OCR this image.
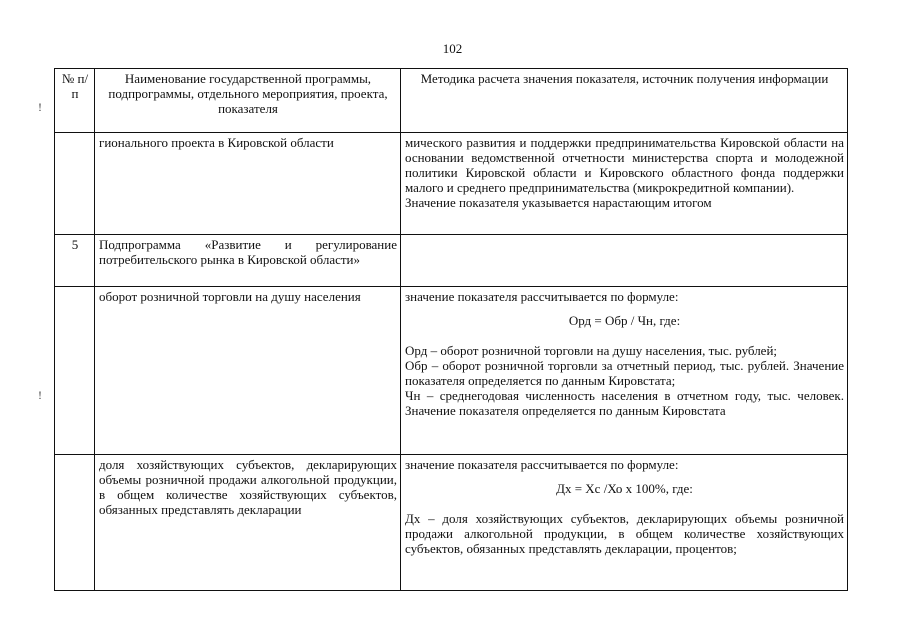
102
!
!
№ п/п	Наименование государственной программы, подпрограммы, отдельного мероприятия, проекта, показателя	Методика расчета значения показателя, источник получения информации
	гионального проекта в Кировской области	мического развития и поддержки предпринимательства Кировской области на основании ведомственной отчетности министерства спорта и молодежной политики Кировской области и Кировского областного фонда поддержки малого и среднего предпринимательства (микрокредитной компании).

Значение показателя указывается нарастающим итогом

5	Подпрограмма «Развитие и регулирование потребительского рынка в Кировской области»	
	оборот розничной торговли на душу населения	значение показателя рассчитывается по формуле:

Орд = Обр / Чн, где:

Орд – оборот розничной торговли на душу населения, тыс. рублей;

Обр – оборот розничной торговли за отчетный период, тыс. рублей. Значение показателя определяется по данным Кировстата;

Чн – среднегодовая численность населения в отчетном году, тыс. человек. Значение показателя определяется по данным Кировстата

	доля хозяйствующих субъектов, декларирующих объемы розничной продажи алкогольной продукции, в общем количестве хозяйствующих субъектов, обязанных представлять декларации	значение показателя рассчитывается по формуле:

Дх = Хс /Хо x 100%, где:

Дх – доля хозяйствующих субъектов, декларирующих объемы розничной продажи алкогольной продукции, в общем количестве хозяйствующих субъектов, обязанных представлять декларации, процентов;
